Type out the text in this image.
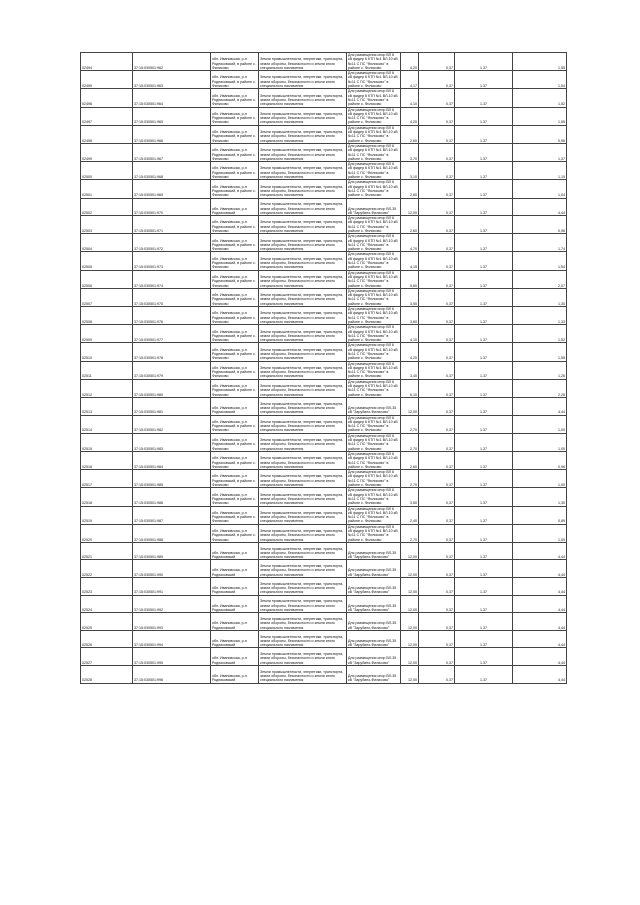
02494	37:15:030501:962	обл. Ивановская, р-н Родниковский, в районе с. Филисово	Земли промышленности, энергетики, транспорта, земли обороны, безопасности и земли иного специального назначения	Для размещения опор ВЛ 6 кВ фидер 6 КТП №1 ВЛ-10 кВ №11 С ПС "Филисово" в районе с. Филисово	4,20	0,37	1.37	1,55
02495	37:15:030501:963	обл. Ивановская, р-н Родниковский, в районе с. Филисово	Земли промышленности, энергетики, транспорта, земли обороны, безопасности и земли иного специального назначения	Для размещения опор ВЛ 6 кВ фидер 6 КТП №1 ВЛ-10 кВ №11 С ПС "Филисово" в районе с. Филисово	4,17	0,37	1.37	1,54
02496	37:15:030501:964	обл. Ивановская, р-н Родниковский, в районе с. Филисово	Земли промышленности, энергетики, транспорта, земли обороны, безопасности и земли иного специального назначения	Для размещения опор ВЛ 6 кВ фидер 6 КТП №1 ВЛ-10 кВ №11 С ПС "Филисово" в районе с. Филисово	4,10	0,37	1.37	1,52
02497	37:15:030501:965	обл. Ивановская, р-н Родниковский, в районе с. Филисово	Земли промышленности, энергетики, транспорта, земли обороны, безопасности и земли иного специального назначения	Для размещения опор ВЛ 6 кВ фидер 6 КТП №1 ВЛ-10 кВ №11 С ПС "Филисово" в районе с. Филисово	4,20	0,37	1.37	1,55
02498	37:15:030501:966	обл. Ивановская, р-н Родниковский, в районе с. Филисово	Земли промышленности, энергетики, транспорта, земли обороны, безопасности и земли иного специального назначения	Для размещения опор ВЛ 6 кВ фидер 6 КТП №1 ВЛ-10 кВ №11 С ПС "Филисово" в районе с. Филисово	2,60	0,37	1.37	0,96
02499	37:15:030501:967	обл. Ивановская, р-н Родниковский, в районе с. Филисово	Земли промышленности, энергетики, транспорта, земли обороны, безопасности и земли иного специального назначения	Для размещения опор ВЛ 6 кВ фидер 6 КТП №1 ВЛ-10 кВ №11 С ПС "Филисово" в районе с. Филисово	3,70	0,37	1.37	1,37
02500	37:15:030501:968	обл. Ивановская, р-н Родниковский, в районе с. Филисово	Земли промышленности, энергетики, транспорта, земли обороны, безопасности и земли иного специального назначения	Для размещения опор ВЛ 6 кВ фидер 6 КТП №1 ВЛ-10 кВ №11 С ПС "Филисово" в районе с. Филисово	3,10	0,37	1.37	1,15
02501	37:15:030501:969	обл. Ивановская, р-н Родниковский, в районе с. Филисово	Земли промышленности, энергетики, транспорта, земли обороны, безопасности и земли иного специального назначения	Для размещения опор ВЛ 6 кВ фидер 6 КТП №1 ВЛ-10 кВ №11 С ПС "Филисово" в районе с. Филисово	2,80	0,37	1.37	1,04
02502	37:15:030501:970	обл. Ивановская, р-н Родниковский	Земли промышленности, энергетики, транспорта, земли обороны, безопасности и земли иного специального назначения	Для размещения опор ВЛ-35 кВ "Зарубино-Филисово"	12,00	0,37	1.37	4,44
02503	37:15:030501:971	обл. Ивановская, р-н Родниковский, в районе с. Филисово	Земли промышленности, энергетики, транспорта, земли обороны, безопасности и земли иного специального назначения	Для размещения опор ВЛ 6 кВ фидер 6 КТП №1 ВЛ-10 кВ №11 С ПС "Филисово" в районе с. Филисово	2,60	0,37	1.37	0,96
02504	37:15:030501:972	обл. Ивановская, р-н Родниковский, в районе с. Филисово	Земли промышленности, энергетики, транспорта, земли обороны, безопасности и земли иного специального назначения	Для размещения опор ВЛ 6 кВ фидер 6 КТП №1 ВЛ-10 кВ №11 С ПС "Филисово" в районе с. Филисово	4,70	0,37	1.37	1,74
02505	37:15:030501:973	обл. Ивановская, р-н Родниковский, в районе с. Филисово	Земли промышленности, энергетики, транспорта, земли обороны, безопасности и земли иного специального назначения	Для размещения опор ВЛ 6 кВ фидер 6 КТП №1 ВЛ-10 кВ №11 С ПС "Филисово" в районе с. Филисово	4,15	0,37	1.37	1,54
02506	37:15:030501:974	обл. Ивановская, р-н Родниковский, в районе с. Филисово	Земли промышленности, энергетики, транспорта, земли обороны, безопасности и земли иного специального назначения	Для размещения опор ВЛ 6 кВ фидер 6 КТП №1 ВЛ-10 кВ №11 С ПС "Филисово" в районе с. Филисово	5,60	0,37	1.37	2,07
02507	37:15:030501:975	обл. Ивановская, р-н Родниковский, в районе с. Филисово	Земли промышленности, энергетики, транспорта, земли обороны, безопасности и земли иного специального назначения	Для размещения опор ВЛ 6 кВ фидер 6 КТП №1 ВЛ-10 кВ №11 С ПС "Филисово" в районе с. Филисово	3,50	0,37	1.37	1,30
02508	37:15:030501:976	обл. Ивановская, р-н Родниковский, в районе с. Филисово	Земли промышленности, энергетики, транспорта, земли обороны, безопасности и земли иного специального назначения	Для размещения опор ВЛ 6 кВ фидер 6 КТП №1 ВЛ-10 кВ №11 С ПС "Филисово" в районе с. Филисово	3,60	0,37	1.37	1,33
02509	37:15:030501:977	обл. Ивановская, р-н Родниковский, в районе с. Филисово	Земли промышленности, энергетики, транспорта, земли обороны, безопасности и земли иного специального назначения	Для размещения опор ВЛ 6 кВ фидер 6 КТП №1 ВЛ-10 кВ №11 С ПС "Филисово" в районе с. Филисово	4,10	0,37	1.37	1,52
02510	37:15:030501:978	обл. Ивановская, р-н Родниковский, в районе с. Филисово	Земли промышленности, энергетики, транспорта, земли обороны, безопасности и земли иного специального назначения	Для размещения опор ВЛ 6 кВ фидер 6 КТП №1 ВЛ-10 кВ №11 С ПС "Филисово" в районе с. Филисово	4,20	0,37	1.37	1,55
02511	37:15:030501:979	обл. Ивановская, р-н Родниковский, в районе с. Филисово	Земли промышленности, энергетики, транспорта, земли обороны, безопасности и земли иного специального назначения	Для размещения опор ВЛ 6 кВ фидер 6 КТП №1 ВЛ-10 кВ №11 С ПС "Филисово" в районе с. Филисово	3,40	0,37	1.37	1,26
02512	37:15:030501:980	обл. Ивановская, р-н Родниковский, в районе с. Филисово	Земли промышленности, энергетики, транспорта, земли обороны, безопасности и земли иного специального назначения	Для размещения опор ВЛ 6 кВ фидер 6 КТП №1 ВЛ-10 кВ №11 С ПС "Филисово" в районе с. Филисово	6,10	0,37	1.37	2,26
02513	37:15:030501:981	обл. Ивановская, р-н Родниковский	Земли промышленности, энергетики, транспорта, земли обороны, безопасности и земли иного специального назначения	Для размещения опор ВЛ-35 кВ "Зарубино-Филисово"	12,00	0,37	1.37	4,44
02514	37:15:030501:982	обл. Ивановская, р-н Родниковский, в районе с. Филисово	Земли промышленности, энергетики, транспорта, земли обороны, безопасности и земли иного специального назначения	Для размещения опор ВЛ 6 кВ фидер 6 КТП №1 ВЛ-10 кВ №11 С ПС "Филисово" в районе с. Филисово	2,70	0,37	1.37	1,00
02515	37:15:030501:983	обл. Ивановская, р-н Родниковский, в районе с. Филисово	Земли промышленности, энергетики, транспорта, земли обороны, безопасности и земли иного специального назначения	Для размещения опор ВЛ 6 кВ фидер 6 КТП №1 ВЛ-10 кВ №11 С ПС "Филисово" в районе с. Филисово	2,70	0,37	1.37	1,00
02516	37:15:030501:984	обл. Ивановская, р-н Родниковский, в районе с. Филисово	Земли промышленности, энергетики, транспорта, земли обороны, безопасности и земли иного специального назначения	Для размещения опор ВЛ 6 кВ фидер 6 КТП №1 ВЛ-10 кВ №11 С ПС "Филисово" в районе с. Филисово	2,60	0,37	1.37	0,96
02517	37:15:030501:985	обл. Ивановская, р-н Родниковский, в районе с. Филисово	Земли промышленности, энергетики, транспорта, земли обороны, безопасности и земли иного специального назначения	Для размещения опор ВЛ 6 кВ фидер 6 КТП №1 ВЛ-10 кВ №11 С ПС "Филисово" в районе с. Филисово	2,70	0,37	1.37	1,00
02518	37:15:030501:986	обл. Ивановская, р-н Родниковский, в районе с. Филисово	Земли промышленности, энергетики, транспорта, земли обороны, безопасности и земли иного специального назначения	Для размещения опор ВЛ 6 кВ фидер 6 КТП №1 ВЛ-10 кВ №11 С ПС "Филисово" в районе с. Филисово	3,50	0,37	1.37	1,30
02519	37:15:030501:987	обл. Ивановская, р-н Родниковский, в районе с. Филисово	Земли промышленности, энергетики, транспорта, земли обороны, безопасности и земли иного специального назначения	Для размещения опор ВЛ 6 кВ фидер 6 КТП №1 ВЛ-10 кВ №11 С ПС "Филисово" в районе с. Филисово	2,40	0,37	1.37	0,89
02520	37:15:030501:988	обл. Ивановская, р-н Родниковский, в районе с. Филисово	Земли промышленности, энергетики, транспорта, земли обороны, безопасности и земли иного специального назначения	Для размещения опор ВЛ 6 кВ фидер 6 КТП №1 ВЛ-10 кВ №11 С ПС "Филисово" в районе с. Филисово	2,70	0,37	1.37	1,00
02521	37:15:030501:989	обл. Ивановская, р-н Родниковский	Земли промышленности, энергетики, транспорта, земли обороны, безопасности и земли иного специального назначения	Для размещения опор ВЛ-35 кВ "Зарубино-Филисово"	12,00	0,37	1.37	4,44
02522	37:15:030501:990	обл. Ивановская, р-н Родниковский	Земли промышленности, энергетики, транспорта, земли обороны, безопасности и земли иного специального назначения	Для размещения опор ВЛ-35 кВ "Зарубино-Филисово"	12,00	0,37	1.37	4,44
02523	37:15:030501:991	обл. Ивановская, р-н Родниковский	Земли промышленности, энергетики, транспорта, земли обороны, безопасности и земли иного специального назначения	Для размещения опор ВЛ-35 кВ "Зарубино-Филисово"	12,00	0,37	1.37	4,44
02524	37:15:030501:992	обл. Ивановская, р-н Родниковский	Земли промышленности, энергетики, транспорта, земли обороны, безопасности и земли иного специального назначения	Для размещения опор ВЛ-35 кВ "Зарубино-Филисово"	12,00	0,37	1.37	4,44
02525	37:15:030501:993	обл. Ивановская, р-н Родниковский	Земли промышленности, энергетики, транспорта, земли обороны, безопасности и земли иного специального назначения	Для размещения опор ВЛ-35 кВ "Зарубино-Филисово"	12,00	0,37	1.37	4,44
02526	37:15:030501:994	обл. Ивановская, р-н Родниковский	Земли промышленности, энергетики, транспорта, земли обороны, безопасности и земли иного специального назначения	Для размещения опор ВЛ-35 кВ "Зарубино-Филисово"	12,00	0,37	1.37	4,44
02527	37:15:030501:995	обл. Ивановская, р-н Родниковский	Земли промышленности, энергетики, транспорта, земли обороны, безопасности и земли иного специального назначения	Для размещения опор ВЛ-35 кВ "Зарубино-Филисово"	12,00	0,37	1.37	4,44
02528	37:15:030501:996	обл. Ивановская, р-н Родниковский	Земли промышленности, энергетики, транспорта, земли обороны, безопасности и земли иного специального назначения	Для размещения опор ВЛ-35 кВ "Зарубино-Филисово"	12,00	0,37	1.37	4,44
